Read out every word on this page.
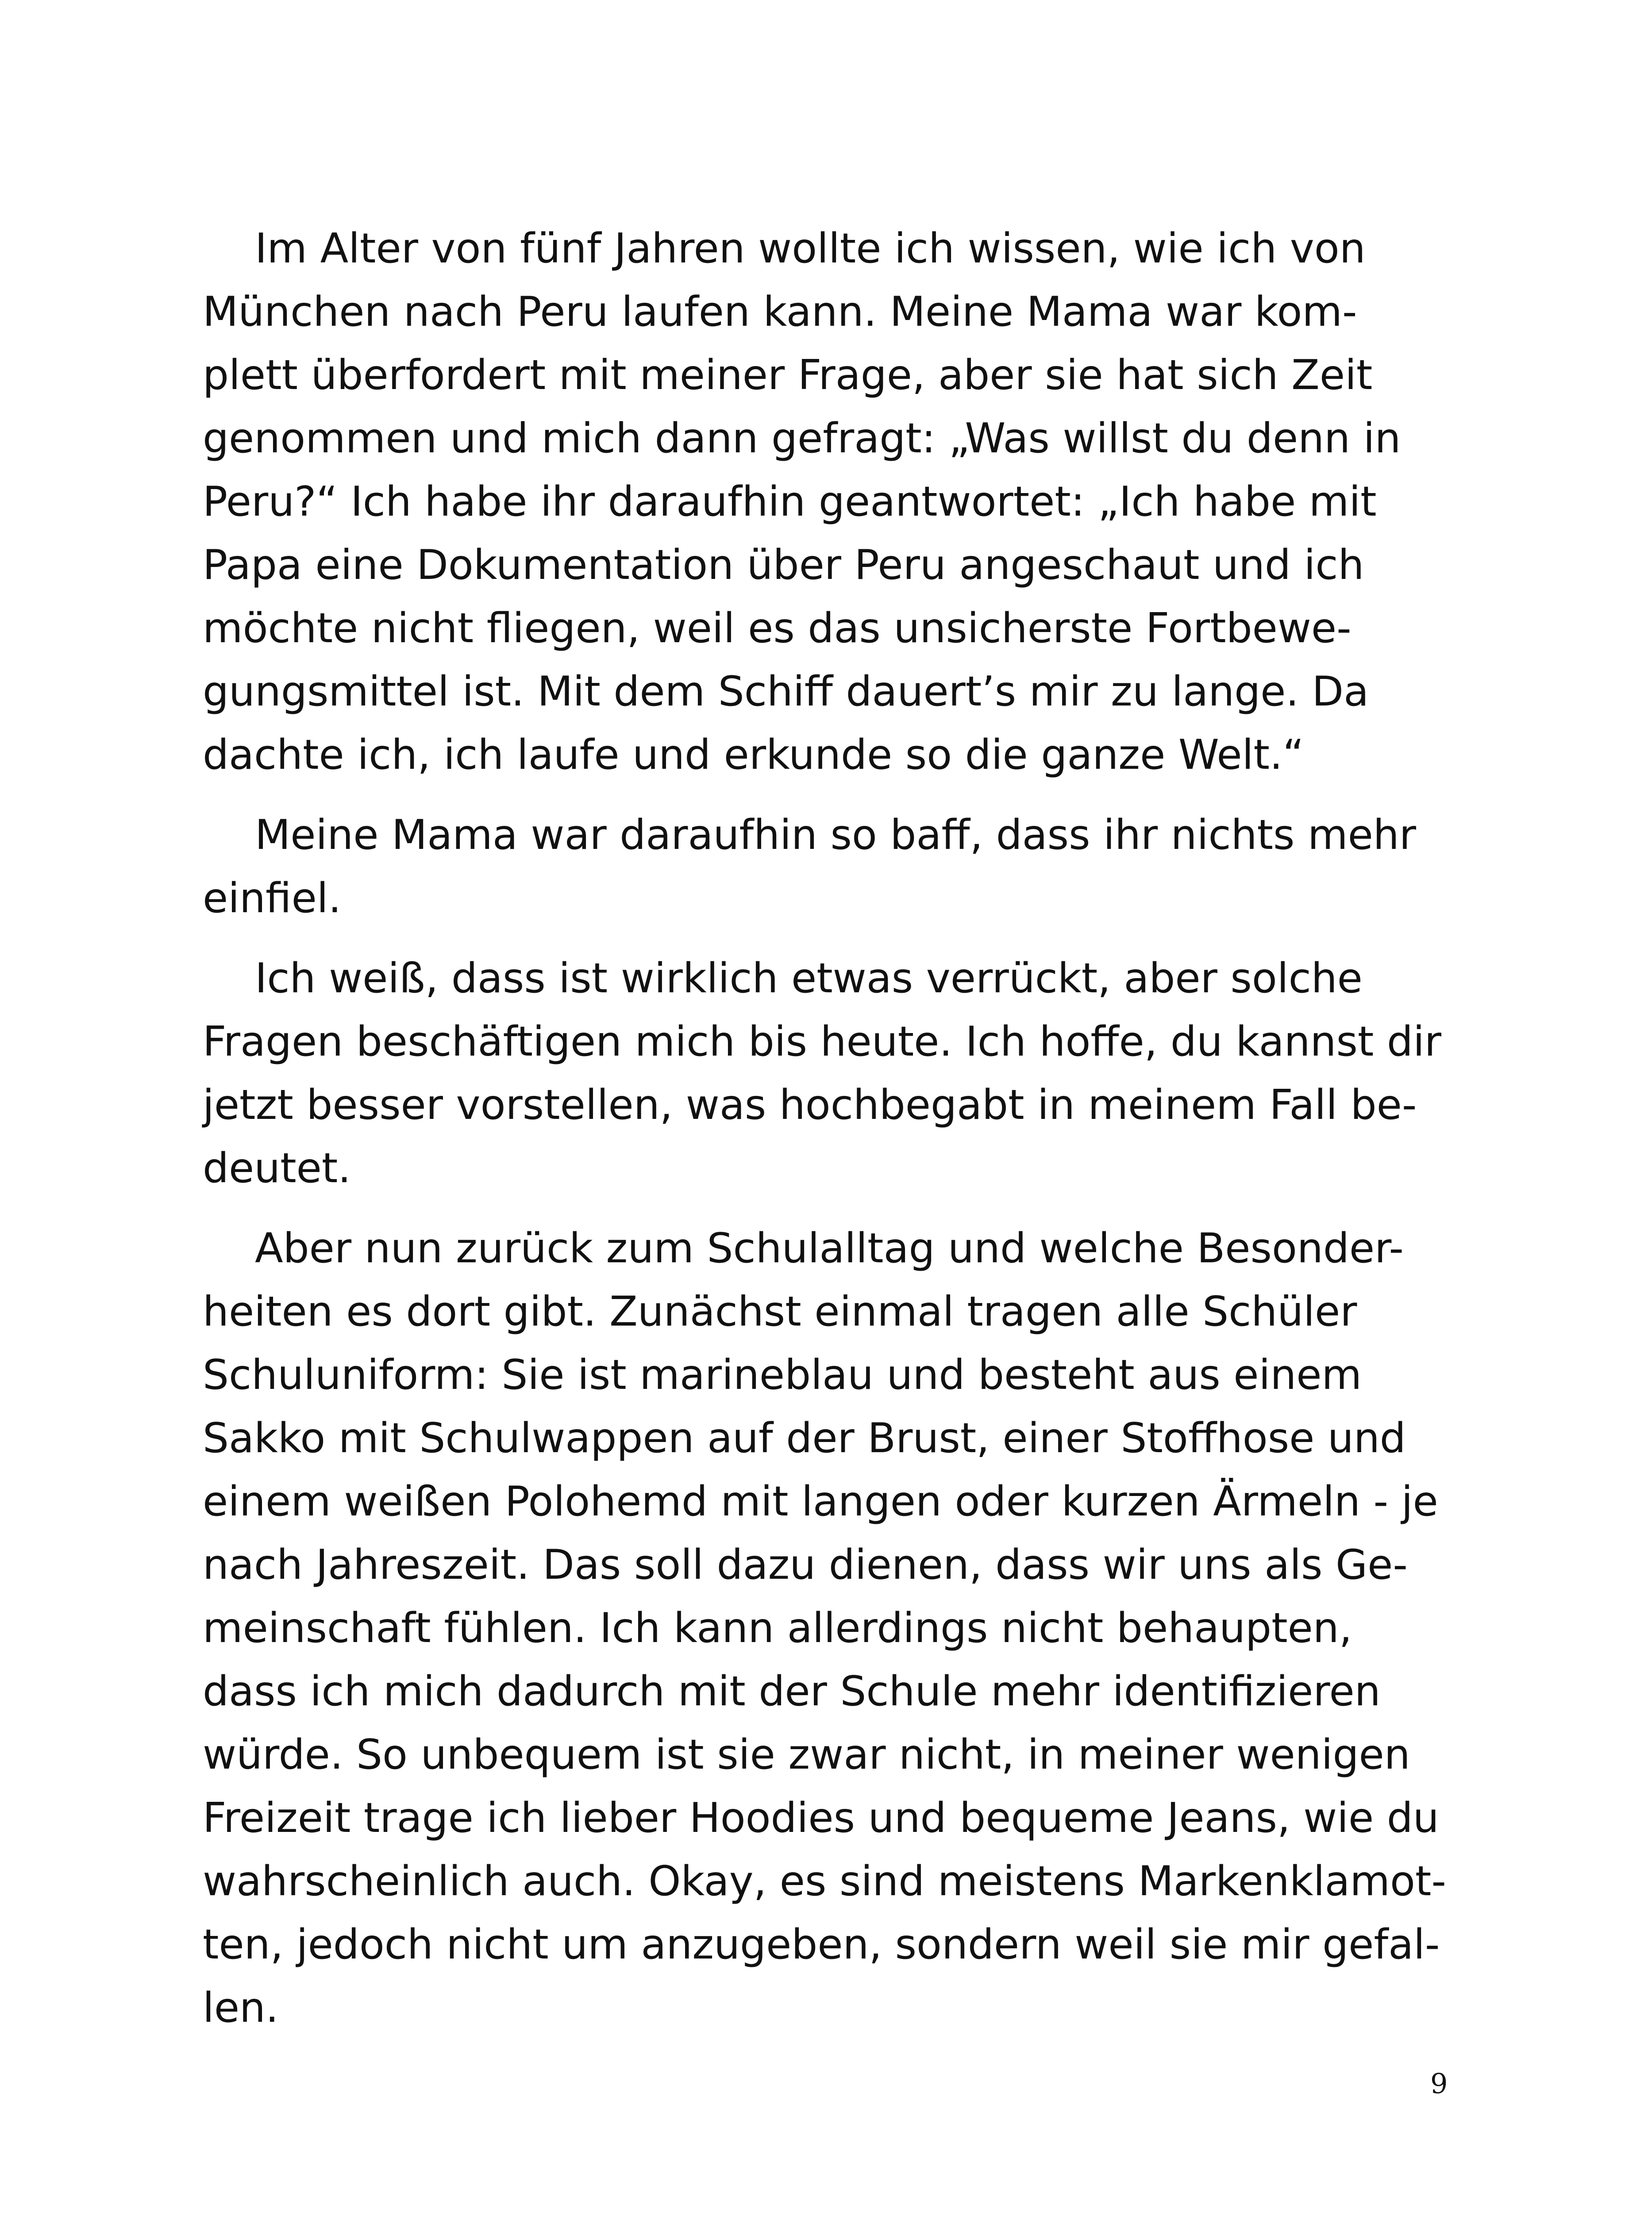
Im Alter von fünf Jahren wollte ich wissen, wie ich von
München nach Peru laufen kann. Meine Mama war kom-
plett überfordert mit meiner Frage, aber sie hat sich Zeit
genommen und mich dann gefragt: „Was willst du denn in
Peru?“ Ich habe ihr daraufhin geantwortet: „Ich habe mit
Papa eine Dokumentation über Peru angeschaut und ich
möchte nicht fliegen, weil es das unsicherste Fortbewe-
gungsmittel ist. Mit dem Schiff dauert’s mir zu lange. Da
dachte ich, ich laufe und erkunde so die ganze Welt.“
Meine Mama war daraufhin so baff, dass ihr nichts mehr
einfiel.
Ich weiß, dass ist wirklich etwas verrückt, aber solche
Fragen beschäftigen mich bis heute. Ich hoffe, du kannst dir
jetzt besser vorstellen, was hochbegabt in meinem Fall be-
deutet.
Aber nun zurück zum Schulalltag und welche Besonder-
heiten es dort gibt. Zunächst einmal tragen alle Schüler
Schuluniform: Sie ist marineblau und besteht aus einem
Sakko mit Schulwappen auf der Brust, einer Stoffhose und
einem weißen Polohemd mit langen oder kurzen Ärmeln - je
nach Jahreszeit. Das soll dazu dienen, dass wir uns als Ge-
meinschaft fühlen. Ich kann allerdings nicht behaupten,
dass ich mich dadurch mit der Schule mehr identifizieren
würde. So unbequem ist sie zwar nicht, in meiner wenigen
Freizeit trage ich lieber Hoodies und bequeme Jeans, wie du
wahrscheinlich auch. Okay, es sind meistens Markenklamot-
ten, jedoch nicht um anzugeben, sondern weil sie mir gefal-
len.
9
